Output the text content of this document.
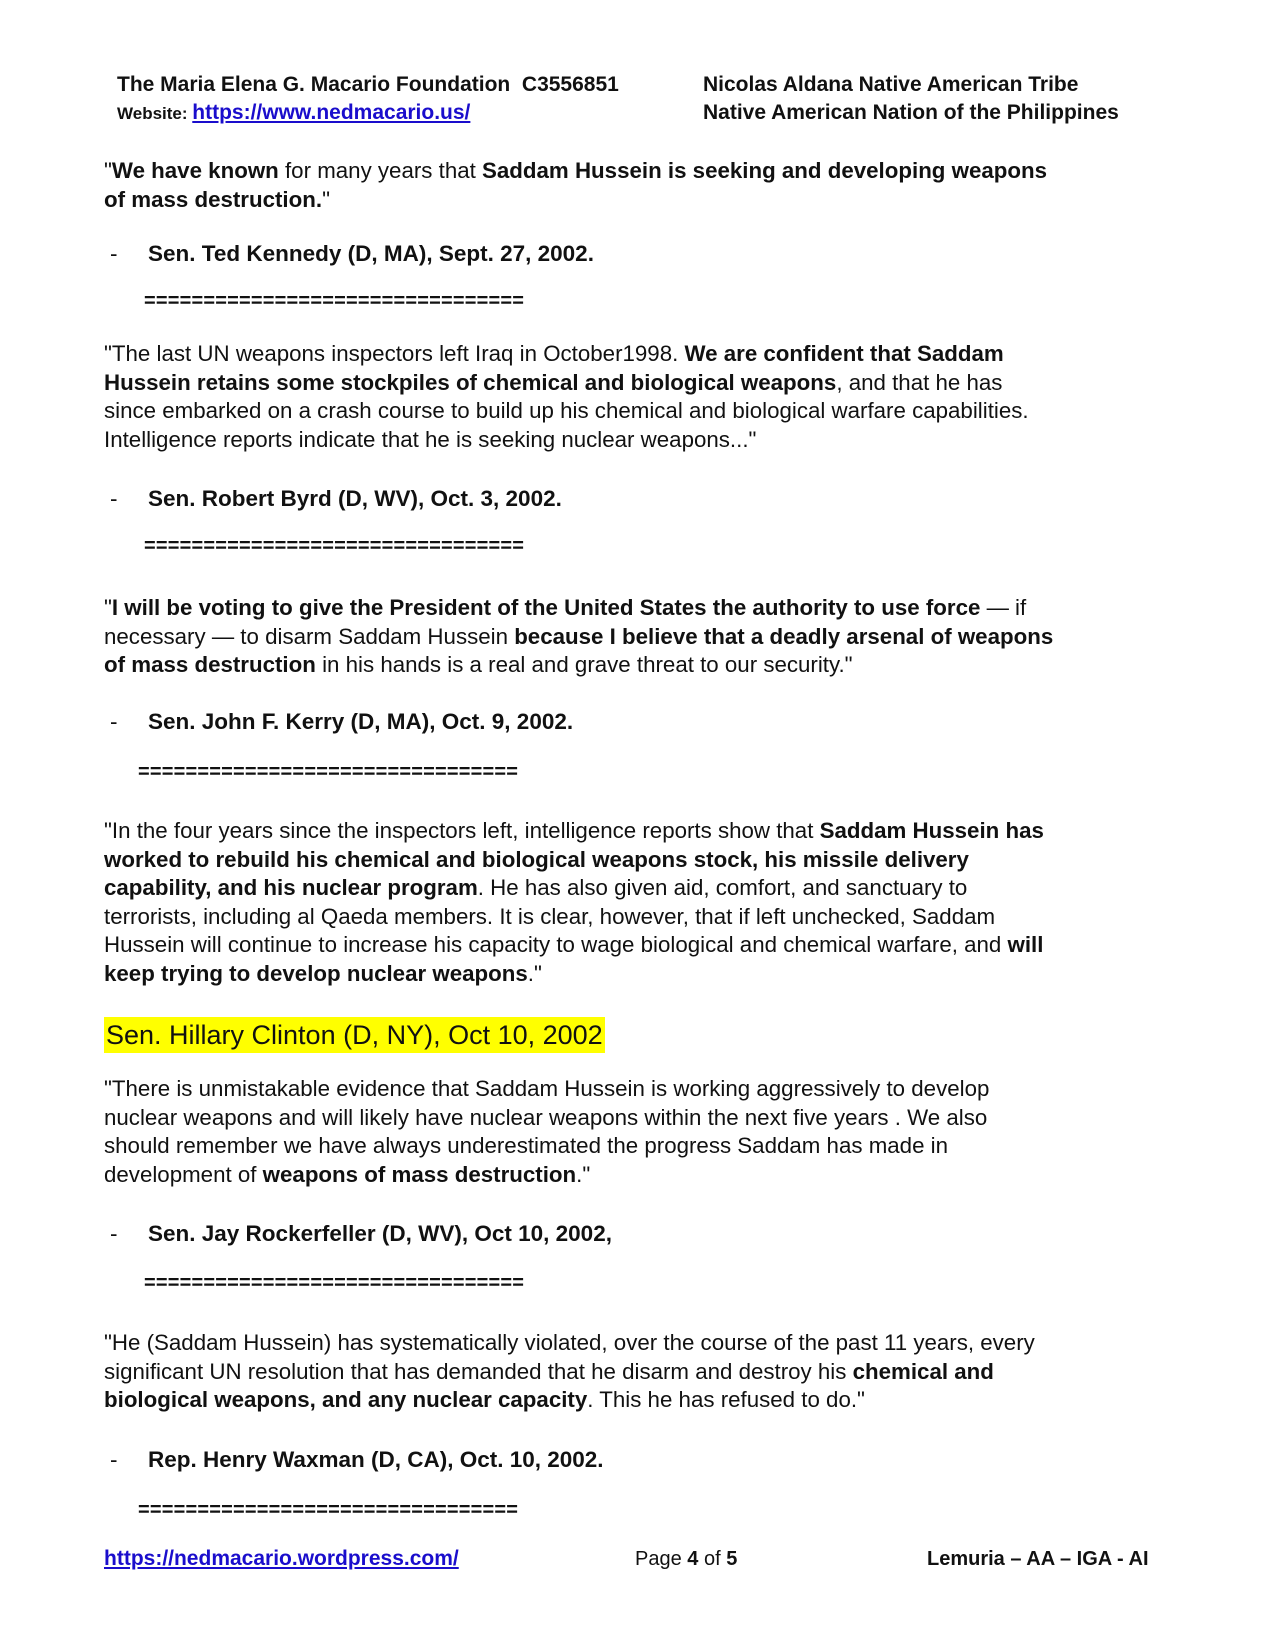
The Maria Elena G. Macario Foundation C3556851
Website: https://www.nedmacario.us/
Nicolas Aldana Native American Tribe
Native American Nation of the Philippines
"We have known for many years that Saddam Hussein is seeking and developing weapons
of mass destruction."
- Sen. Ted Kennedy (D, MA), Sept. 27, 2002.
================================
"The last UN weapons inspectors left Iraq in October1998. We are confident that Saddam
Hussein retains some stockpiles of chemical and biological weapons, and that he has
since embarked on a crash course to build up his chemical and biological warfare capabilities.
Intelligence reports indicate that he is seeking nuclear weapons..."
- Sen. Robert Byrd (D, WV), Oct. 3, 2002.
================================
"I will be voting to give the President of the United States the authority to use force — if
necessary — to disarm Saddam Hussein because I believe that a deadly arsenal of weapons
of mass destruction in his hands is a real and grave threat to our security."
- Sen. John F. Kerry (D, MA), Oct. 9, 2002.
================================
"In the four years since the inspectors left, intelligence reports show that Saddam Hussein has
worked to rebuild his chemical and biological weapons stock, his missile delivery
capability, and his nuclear program. He has also given aid, comfort, and sanctuary to
terrorists, including al Qaeda members. It is clear, however, that if left unchecked, Saddam
Hussein will continue to increase his capacity to wage biological and chemical warfare, and will
keep trying to develop nuclear weapons."
Sen. Hillary Clinton (D, NY), Oct 10, 2002
"There is unmistakable evidence that Saddam Hussein is working aggressively to develop
nuclear weapons and will likely have nuclear weapons within the next five years . We also
should remember we have always underestimated the progress Saddam has made in
development of weapons of mass destruction."
- Sen. Jay Rockerfeller (D, WV), Oct 10, 2002,
================================
"He (Saddam Hussein) has systematically violated, over the course of the past 11 years, every
significant UN resolution that has demanded that he disarm and destroy his chemical and
biological weapons, and any nuclear capacity. This he has refused to do."
- Rep. Henry Waxman (D, CA), Oct. 10, 2002.
================================
https://nedmacario.wordpress.com/	Page 4 of 5	Lemuria – AA – IGA - AI
